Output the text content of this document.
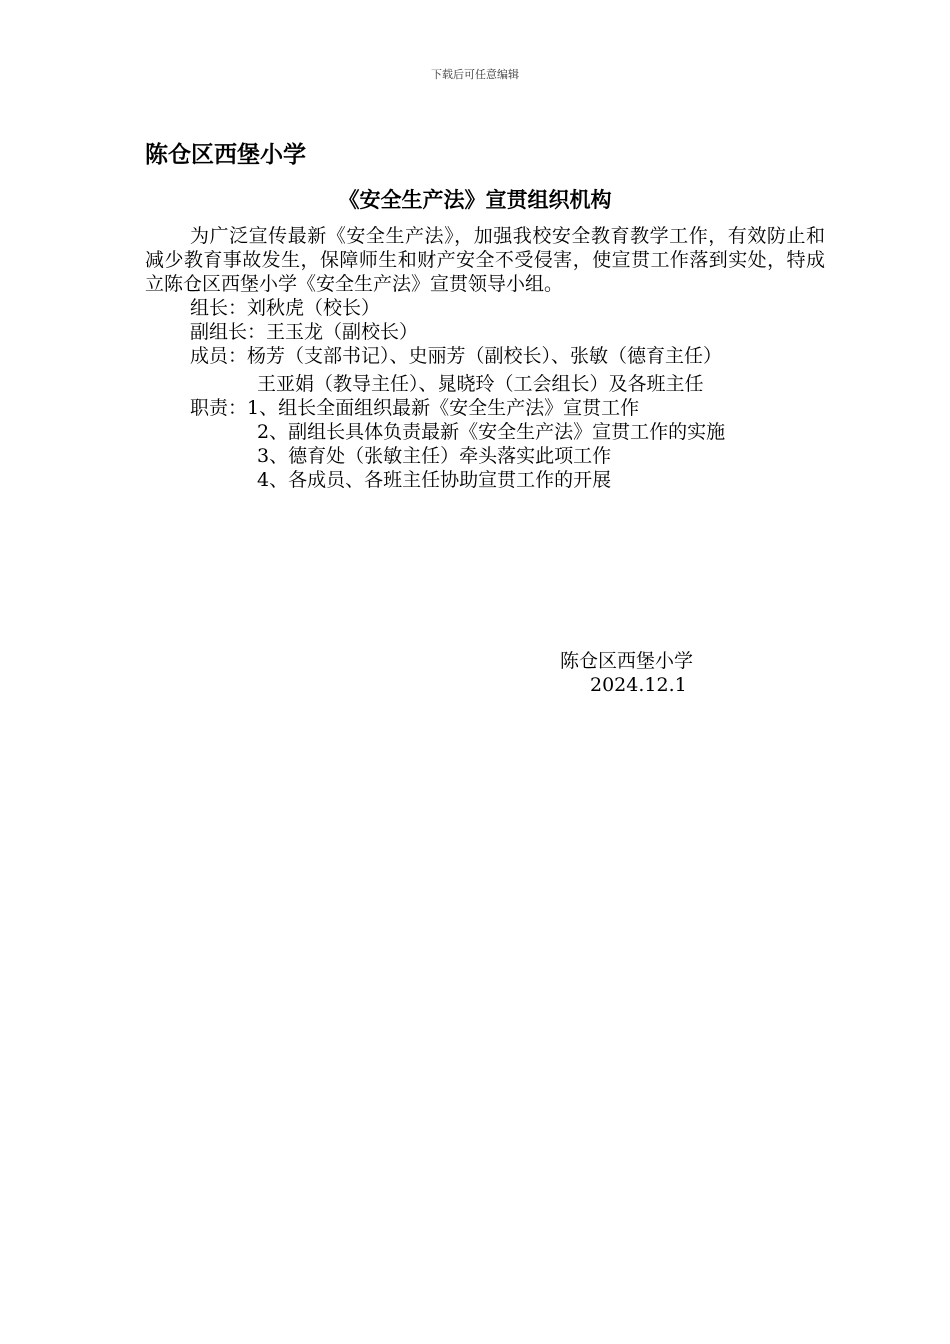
下载后可任意编辑
陈仓区西堡小学
《安全生产法》宣贯组织机构
为广泛宣传最新《安全生产法》，加强我校安全教育教学工作，有效防止和减少教育事故发生，保障师生和财产安全不受侵害，使宣贯工作落到实处，特成立陈仓区西堡小学《安全生产法》宣贯领导小组。
组长：刘秋虎（校长）
副组长：王玉龙（副校长）
成员：杨芳（支部书记）、史丽芳（副校长）、张敏（德育主任）
王亚娟（教导主任）、晁晓玲（工会组长）及各班主任
职责：1、组长全面组织最新《安全生产法》宣贯工作
2、副组长具体负责最新《安全生产法》宣贯工作的实施
3、德育处（张敏主任）牵头落实此项工作
4、各成员、各班主任协助宣贯工作的开展
陈仓区西堡小学
2024.12.1
